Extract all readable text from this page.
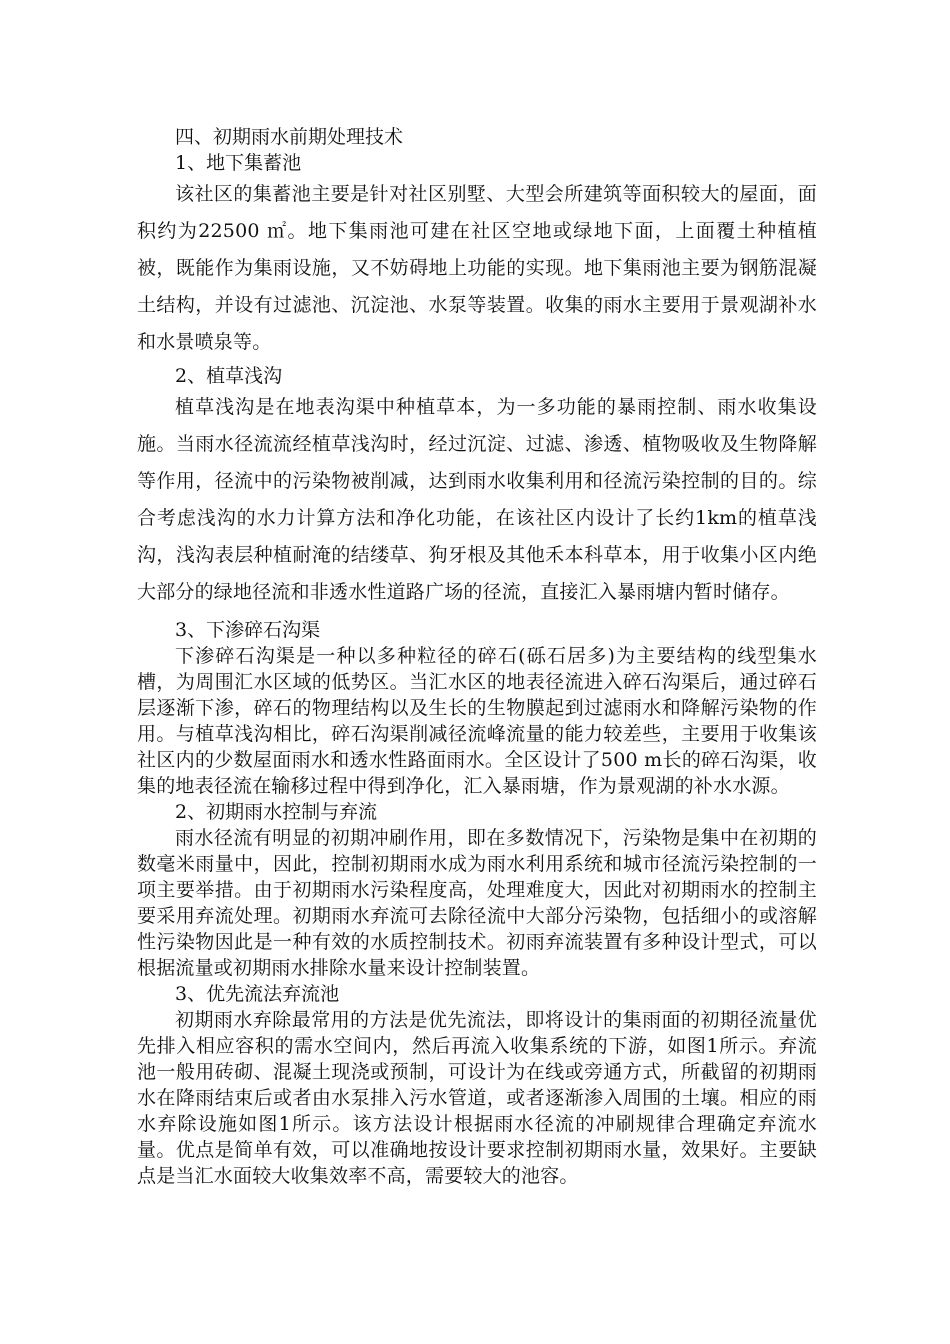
四、初期雨水前期处理技术

1、地下集蓄池

该社区的集蓄池主要是针对社区别墅、大型会所建筑等面积较大的屋面，面积约为22500 ㎡。地下集雨池可建在社区空地或绿地下面，上面覆土种植植被，既能作为集雨设施，又不妨碍地上功能的实现。地下集雨池主要为钢筋混凝土结构，并设有过滤池、沉淀池、水泵等装置。收集的雨水主要用于景观湖补水和水景喷泉等。

2、植草浅沟

植草浅沟是在地表沟渠中种植草本，为一多功能的暴雨控制、雨水收集设施。当雨水径流流经植草浅沟时，经过沉淀、过滤、渗透、植物吸收及生物降解等作用，径流中的污染物被削减，达到雨水收集利用和径流污染控制的目的。综合考虑浅沟的水力计算方法和净化功能，在该社区内设计了长约1km的植草浅沟，浅沟表层种植耐淹的结缕草、狗牙根及其他禾本科草本，用于收集小区内绝大部分的绿地径流和非透水性道路广场的径流，直接汇入暴雨塘内暂时储存。

3、下渗碎石沟渠

下渗碎石沟渠是一种以多种粒径的碎石(砾石居多)为主要结构的线型集水槽，为周围汇水区域的低势区。当汇水区的地表径流进入碎石沟渠后，通过碎石层逐渐下渗，碎石的物理结构以及生长的生物膜起到过滤雨水和降解污染物的作用。与植草浅沟相比，碎石沟渠削减径流峰流量的能力较差些，主要用于收集该社区内的少数屋面雨水和透水性路面雨水。全区设计了500 m长的碎石沟渠，收集的地表径流在输移过程中得到净化，汇入暴雨塘，作为景观湖的补水水源。

2、初期雨水控制与弃流

雨水径流有明显的初期冲刷作用，即在多数情况下，污染物是集中在初期的数毫米雨量中，因此，控制初期雨水成为雨水利用系统和城市径流污染控制的一项主要举措。由于初期雨水污染程度高，处理难度大，因此对初期雨水的控制主要采用弃流处理。初期雨水弃流可去除径流中大部分污染物，包括细小的或溶解性污染物因此是一种有效的水质控制技术。初雨弃流装置有多种设计型式，可以根据流量或初期雨水排除水量来设计控制装置。

3、优先流法弃流池

初期雨水弃除最常用的方法是优先流法，即将设计的集雨面的初期径流量优先排入相应容积的需水空间内，然后再流入收集系统的下游，如图1所示。弃流池一般用砖砌、混凝土现浇或预制，可设计为在线或旁通方式，所截留的初期雨水在降雨结束后或者由水泵排入污水管道，或者逐渐渗入周围的土壤。相应的雨水弃除设施如图1所示。该方法设计根据雨水径流的冲刷规律合理确定弃流水量。优点是简单有效，可以准确地按设计要求控制初期雨水量，效果好。主要缺点是当汇水面较大收集效率不高，需要较大的池容。
